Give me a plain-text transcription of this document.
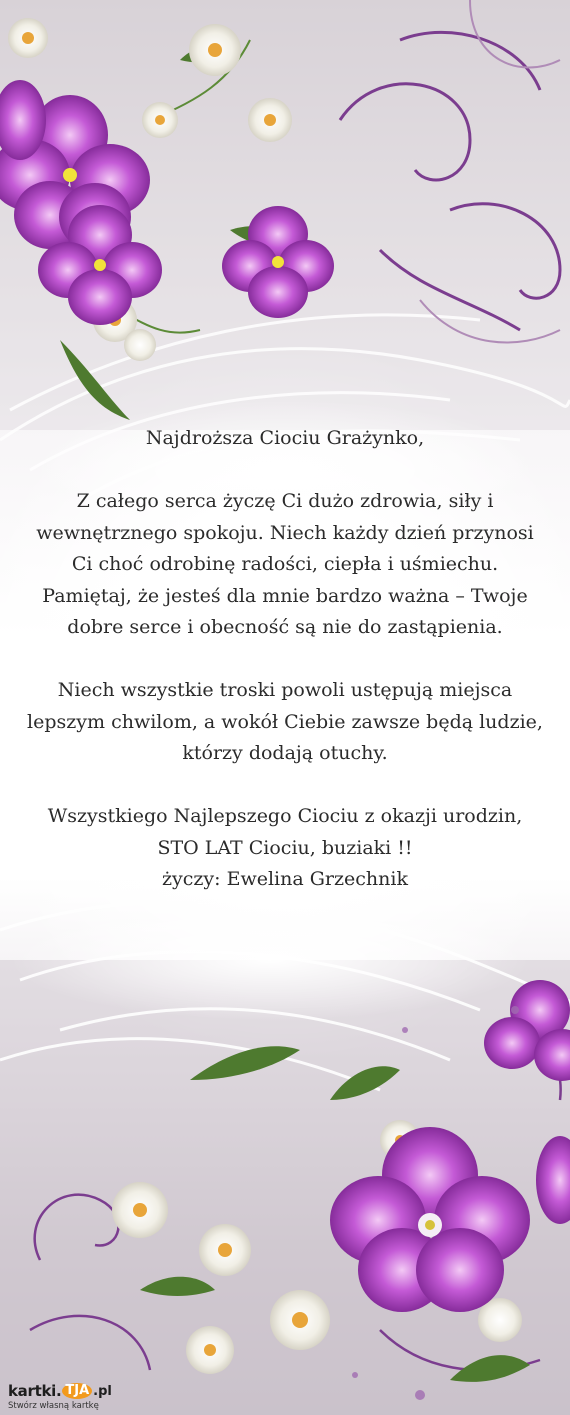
Najdroższa Ciociu Grażynko,

Z całego serca życzę Ci dużo zdrowia, siły i

wewnętrznego spokoju. Niech każdy dzień przynosi

Ci choć odrobinę radości, ciepła i uśmiechu.

Pamiętaj, że jesteś dla mnie bardzo ważna – Twoje

dobre serce i obecność są nie do zastąpienia.

Niech wszystkie troski powoli ustępują miejsca

lepszym chwilom, a wokół Ciebie zawsze będą ludzie,

którzy dodają otuchy.

Wszystkiego Najlepszego Ciociu z okazji urodzin,

STO LAT Ciociu, buziaki !!

życzy: Ewelina Grzechnik

kartki. TJA .pl
Stwórz własną kartkę
